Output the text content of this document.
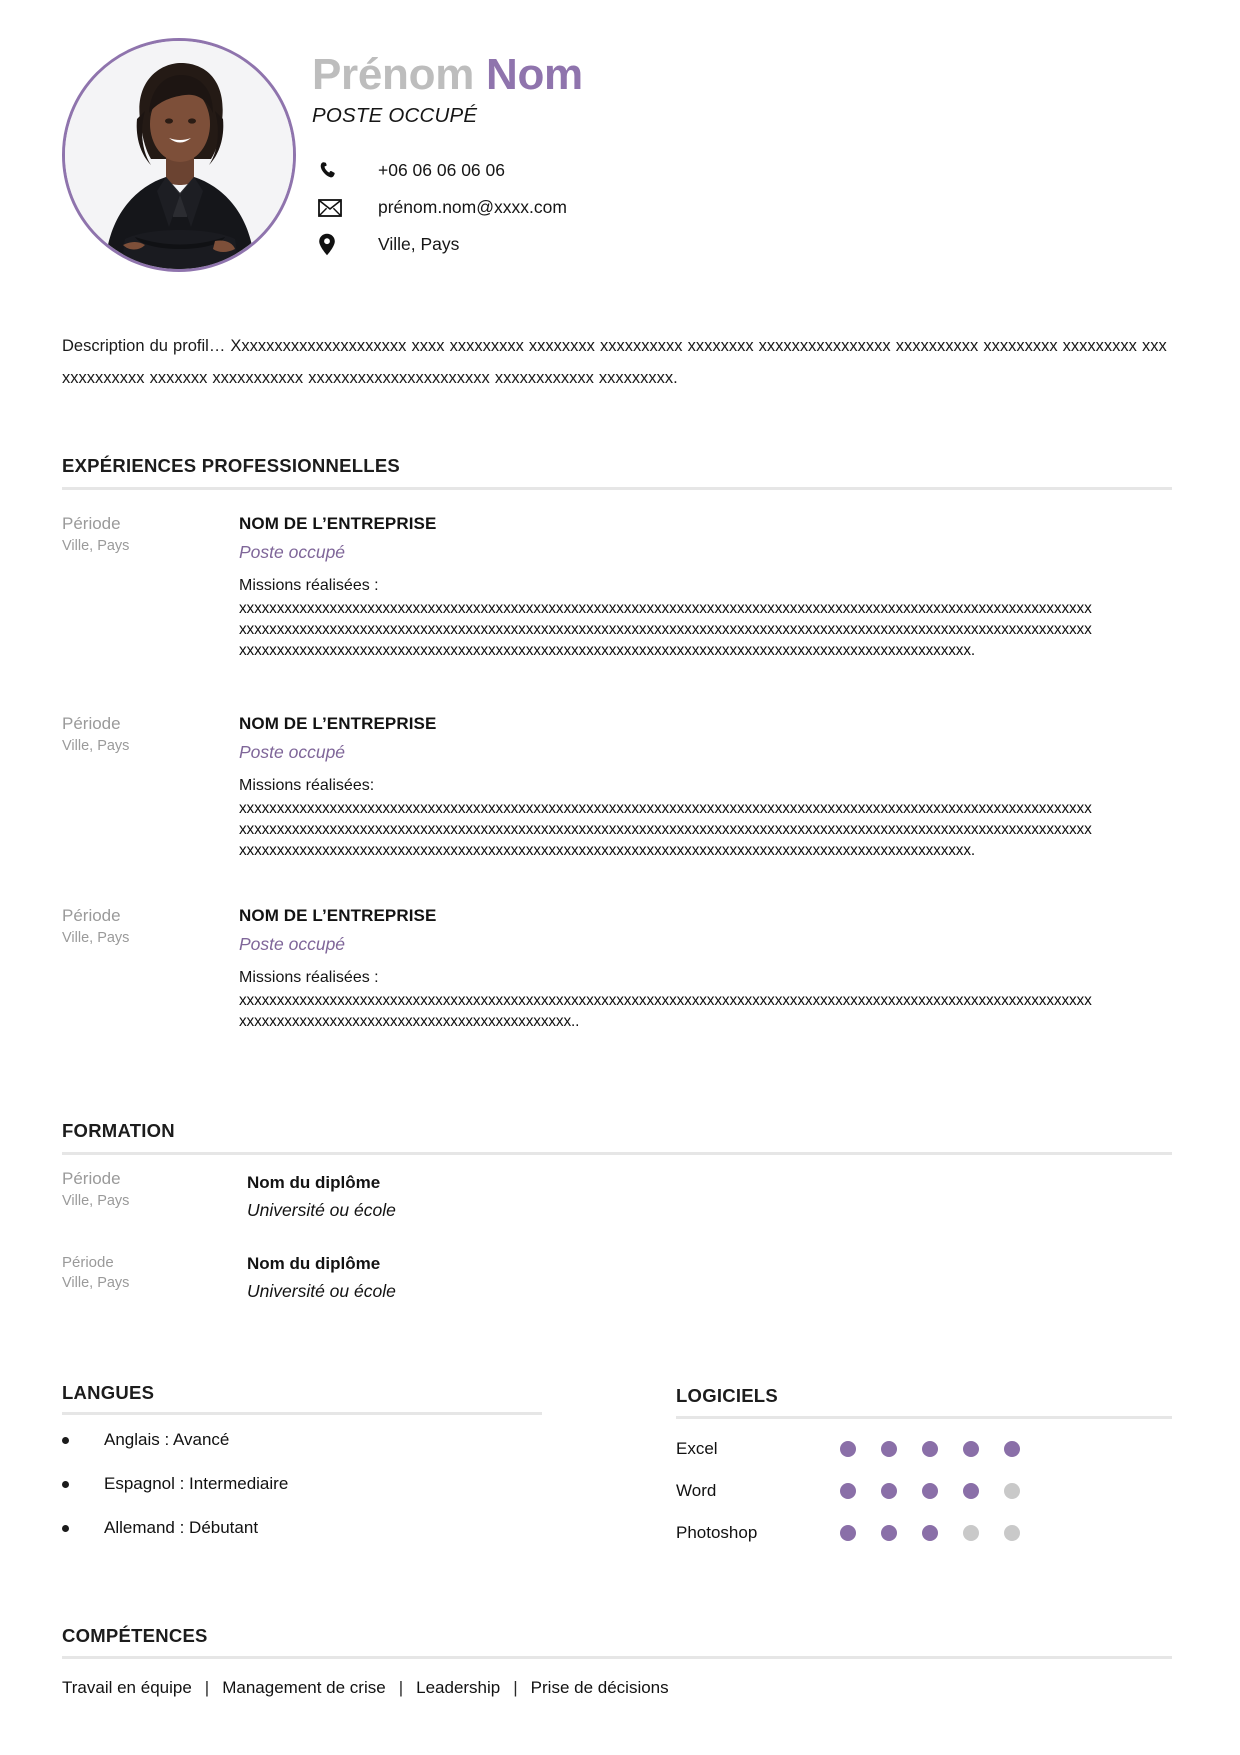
Prénom Nom
POSTE OCCUPÉ
+06 06 06 06 06
prénom.nom@xxxx.com
Ville, Pays
Description du profil… Xxxxxxxxxxxxxxxxxxxxx xxxx xxxxxxxxx xxxxxxxx xxxxxxxxxx xxxxxxxx xxxxxxxxxxxxxxxx xxxxxxxxxx xxxxxxxxx xxxxxxxxx xxx xxxxxxxxxx xxxxxxx xxxxxxxxxxx xxxxxxxxxxxxxxxxxxxxxx xxxxxxxxxxxx xxxxxxxxx.
EXPÉRIENCES PROFESSIONNELLES
Période
Ville, Pays
NOM DE L’ENTREPRISE
Poste occupé
Missions réalisées :
xxxxxxxxxxxxxxxxxxxxxxxxxxxxxxxxxxxxxxxxxxxxxxxxxxxxxxxxxxxxxxxxxxxxxxxxxxxxxxxxxxxxxxxxxxxxxxxxxxxxxxxxxxxxxxxxx
xxxxxxxxxxxxxxxxxxxxxxxxxxxxxxxxxxxxxxxxxxxxxxxxxxxxxxxxxxxxxxxxxxxxxxxxxxxxxxxxxxxxxxxxxxxxxxxxxxxxxxxxxxxxxxxxx
xxxxxxxxxxxxxxxxxxxxxxxxxxxxxxxxxxxxxxxxxxxxxxxxxxxxxxxxxxxxxxxxxxxxxxxxxxxxxxxxxxxxxxxxxxxxxxxxx.
Période
Ville, Pays
NOM DE L’ENTREPRISE
Poste occupé
Missions réalisées:
xxxxxxxxxxxxxxxxxxxxxxxxxxxxxxxxxxxxxxxxxxxxxxxxxxxxxxxxxxxxxxxxxxxxxxxxxxxxxxxxxxxxxxxxxxxxxxxxxxxxxxxxxxxxxxxxx
xxxxxxxxxxxxxxxxxxxxxxxxxxxxxxxxxxxxxxxxxxxxxxxxxxxxxxxxxxxxxxxxxxxxxxxxxxxxxxxxxxxxxxxxxxxxxxxxxxxxxxxxxxxxxxxxx
xxxxxxxxxxxxxxxxxxxxxxxxxxxxxxxxxxxxxxxxxxxxxxxxxxxxxxxxxxxxxxxxxxxxxxxxxxxxxxxxxxxxxxxxxxxxxxxxx.
Période
Ville, Pays
NOM DE L’ENTREPRISE
Poste occupé
Missions réalisées :
xxxxxxxxxxxxxxxxxxxxxxxxxxxxxxxxxxxxxxxxxxxxxxxxxxxxxxxxxxxxxxxxxxxxxxxxxxxxxxxxxxxxxxxxxxxxxxxxxxxxxxxxxxxxxxxxx
xxxxxxxxxxxxxxxxxxxxxxxxxxxxxxxxxxxxxxxxxxxx..
FORMATION
Période
Ville, Pays
Nom du diplôme
Université ou école
Période
Ville, Pays
Nom du diplôme
Université ou école
LANGUES
Anglais : Avancé
Espagnol : Intermediaire
Allemand : Débutant
LOGICIELS
Excel
Word
Photoshop
COMPÉTENCES
Travail en équipe | Management de crise | Leadership | Prise de décisions
